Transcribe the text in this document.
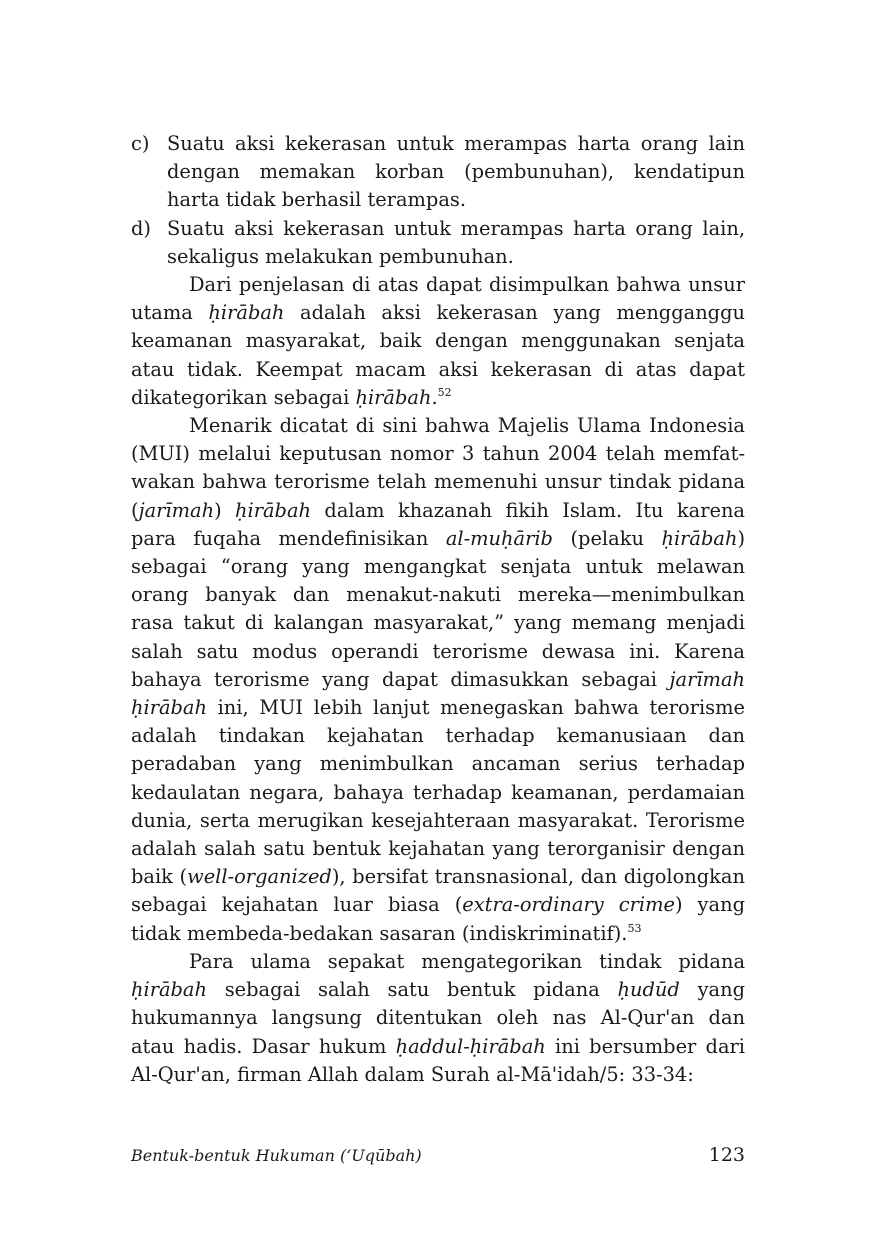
c) Suatu aksi kekerasan untuk merampas harta orang lain dengan memakan korban (pembunuhan), kendatipun harta tidak berhasil terampas.
d) Suatu aksi kekerasan untuk merampas harta orang lain, sekaligus melakukan pembunuhan.

Dari penjelasan di atas dapat disimpulkan bahwa unsur utama ḥirābah adalah aksi kekerasan yang mengganggu keamanan masyarakat, baik dengan menggunakan senjata atau tidak. Keempat macam aksi kekerasan di atas dapat dikategorikan sebagai ḥirābah.$^{52}$

Menarik dicatat di sini bahwa Majelis Ulama Indonesia (MUI) melalui keputusan nomor 3 tahun 2004 telah memfatwakan bahwa terorisme telah memenuhi unsur tindak pidana (jarīmah) ḥirābah dalam khazanah fikih Islam. Itu karena para fuqaha mendefinisikan al-muḥārib (pelaku ḥirābah) sebagai “orang yang mengangkat senjata untuk melawan orang banyak dan menakut-nakuti mereka—menimbulkan rasa takut di kalangan masyarakat,” yang memang menjadi salah satu modus operandi terorisme dewasa ini. Karena bahaya terorisme yang dapat dimasukkan sebagai jarīmah ḥirābah ini, MUI lebih lanjut menegaskan bahwa terorisme adalah tindakan kejahatan terhadap kemanusiaan dan peradaban yang menimbulkan ancaman serius terhadap kedaulatan negara, bahaya terhadap keamanan, perdamaian dunia, serta merugikan kesejahteraan masyarakat. Terorisme adalah salah satu bentuk kejahatan yang terorganisir dengan baik (well-organized), bersifat transnasional, dan digolongkan sebagai kejahatan luar biasa (extra-ordinary crime) yang tidak membeda-bedakan sasaran (indiskriminatif).$^{53}$

Para ulama sepakat mengategorikan tindak pidana ḥirābah sebagai salah satu bentuk pidana ḥudūd yang hukumannya langsung ditentukan oleh nas Al-Qur'an dan atau hadis. Dasar hukum ḥaddul-ḥirābah ini bersumber dari Al-Qur'an, firman Allah dalam Surah al-Mā'idah/5: 33-34:

Bentuk-bentuk Hukuman (‘Uqūbah)	123
